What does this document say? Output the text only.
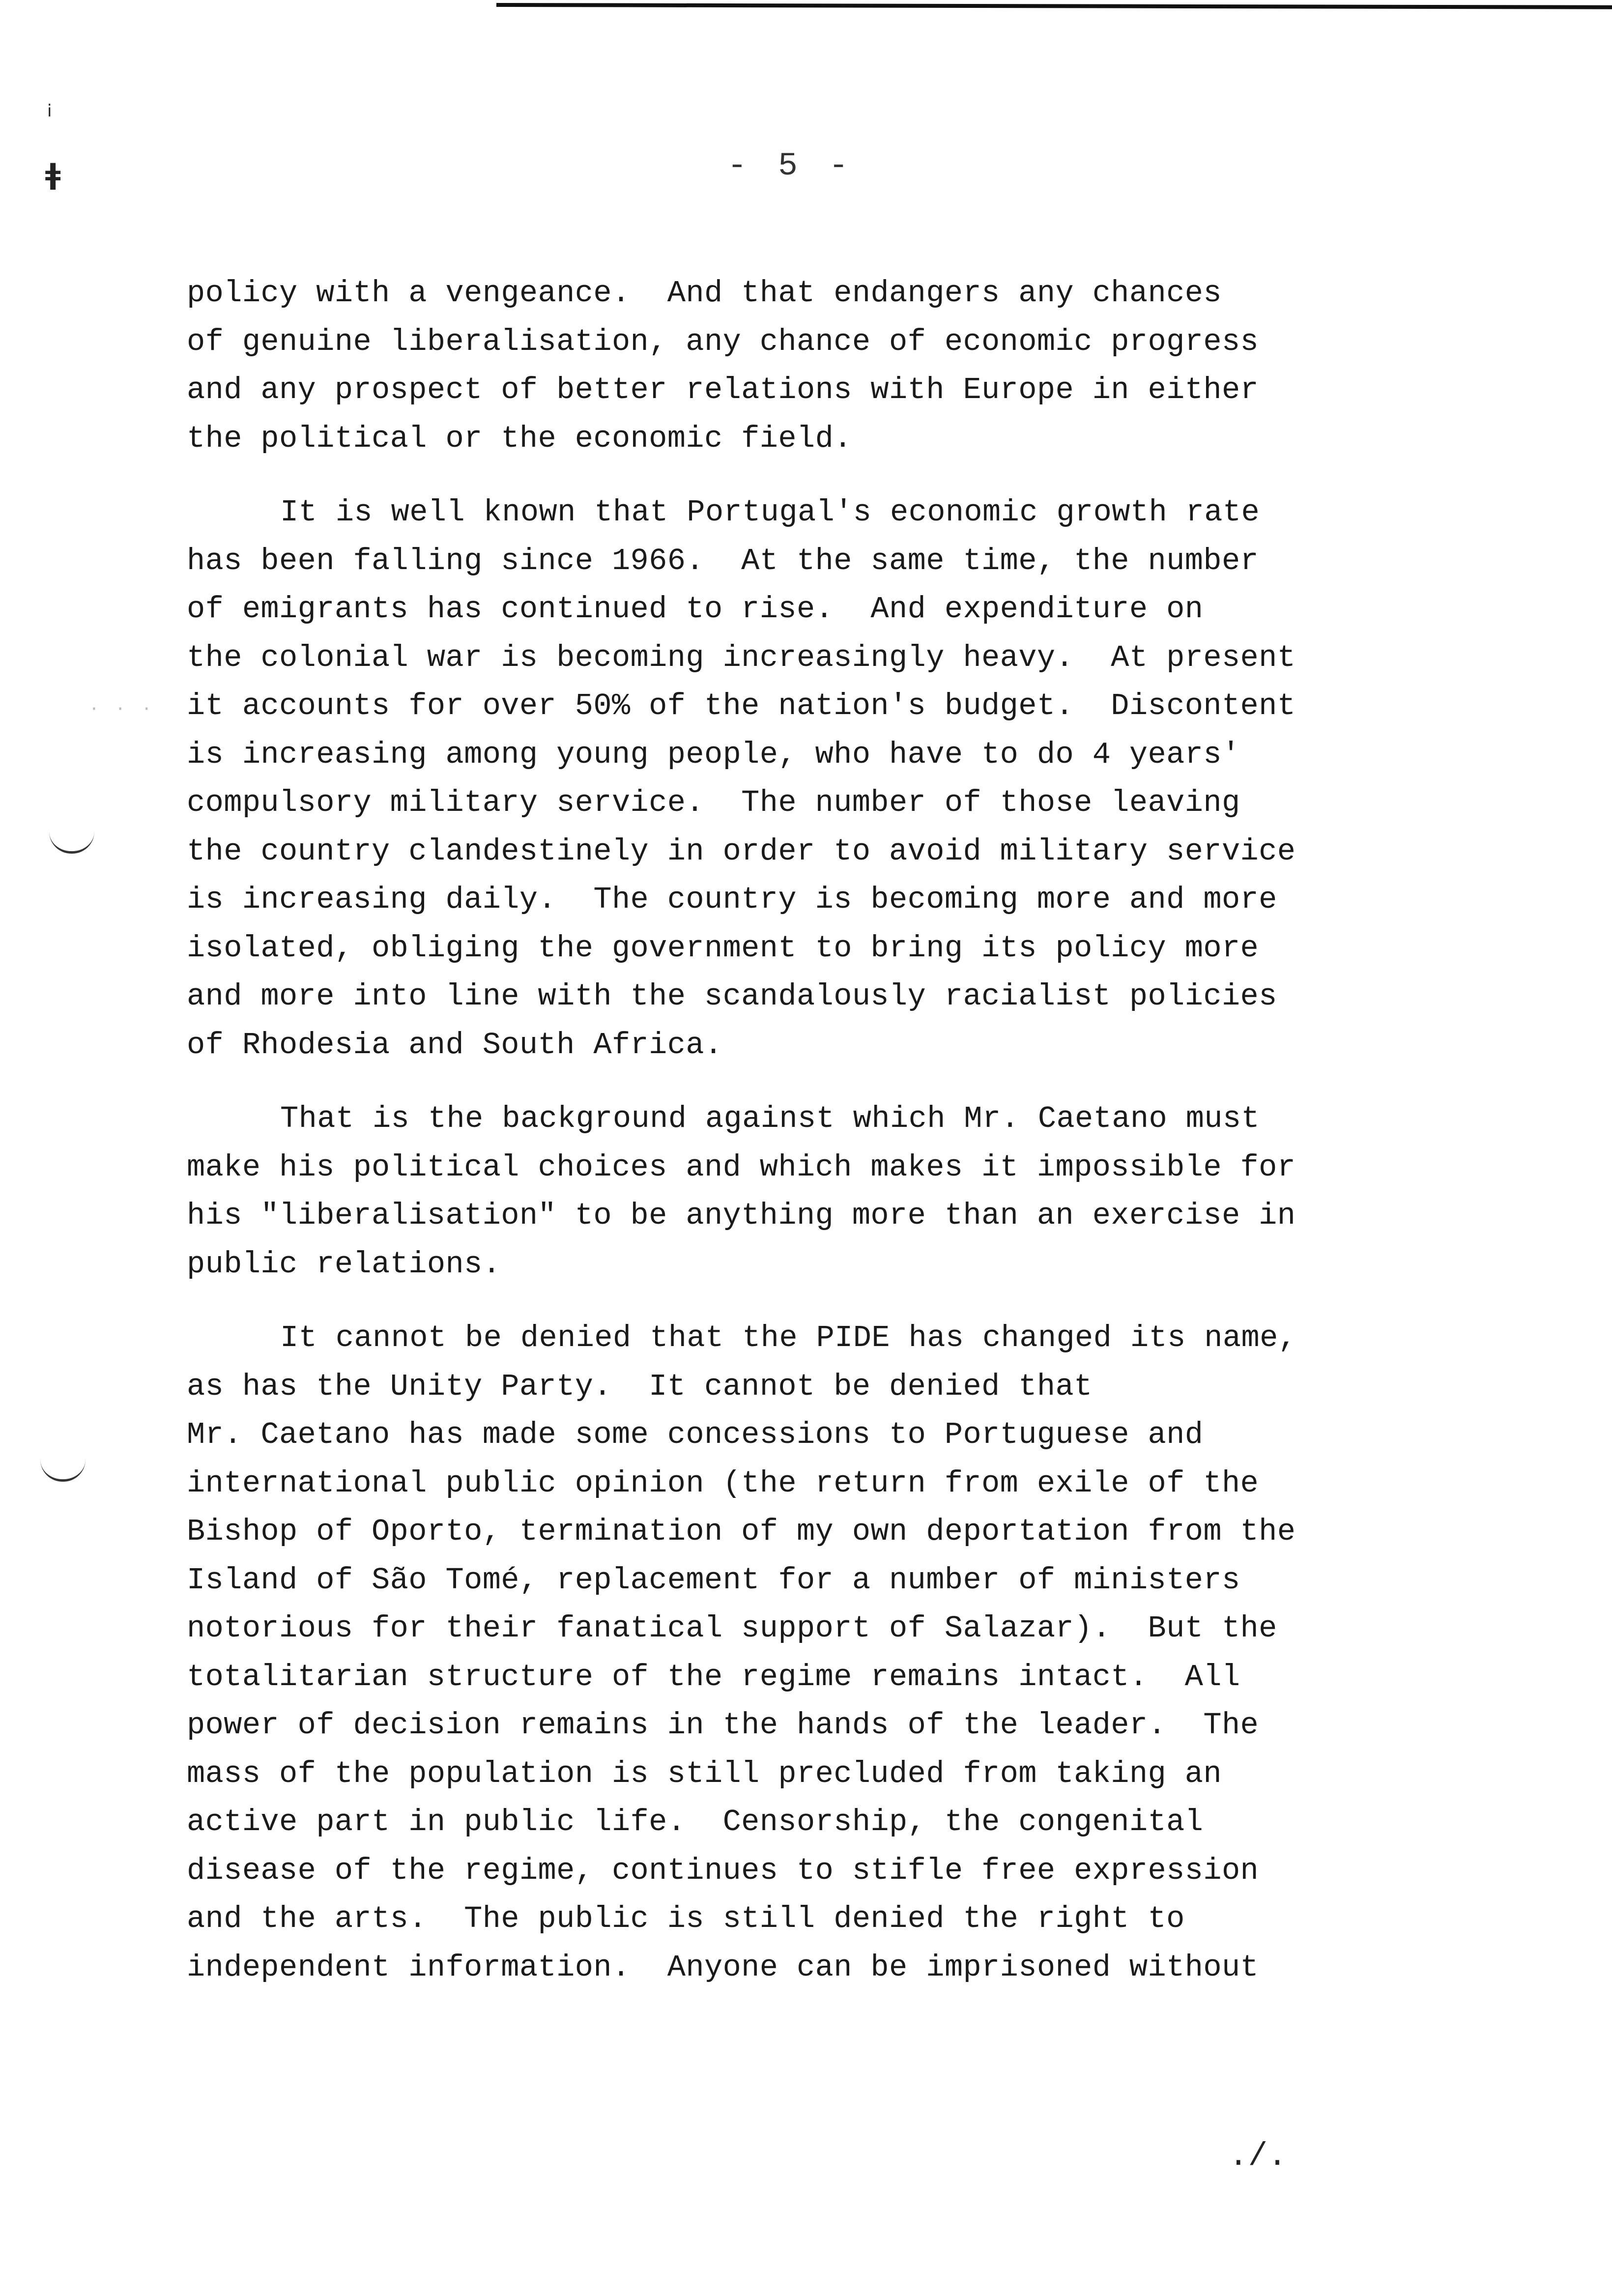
ⅰ
ǂ
· · ·
- 5 -
policy with a vengeance.  And that endangers any chances
of genuine liberalisation, any chance of economic progress
and any prospect of better relations with Europe in either
the political or the economic field.
It is well known that Portugal's economic growth rate
has been falling since 1966.  At the same time, the number
of emigrants has continued to rise.  And expenditure on
the colonial war is becoming increasingly heavy.  At present
it accounts for over 50% of the nation's budget.  Discontent
is increasing among young people, who have to do 4 years'
compulsory military service.  The number of those leaving
the country clandestinely in order to avoid military service
is increasing daily.  The country is becoming more and more
isolated, obliging the government to bring its policy more
and more into line with the scandalously racialist policies
of Rhodesia and South Africa.
That is the background against which Mr. Caetano must
make his political choices and which makes it impossible for
his "liberalisation" to be anything more than an exercise in
public relations.
It cannot be denied that the PIDE has changed its name,
as has the Unity Party.  It cannot be denied that
Mr. Caetano has made some concessions to Portuguese and
international public opinion (the return from exile of the
Bishop of Oporto, termination of my own deportation from the
Island of São Tomé, replacement for a number of ministers
notorious for their fanatical support of Salazar).  But the
totalitarian structure of the regime remains intact.  All
power of decision remains in the hands of the leader.  The
mass of the population is still precluded from taking an
active part in public life.  Censorship, the congenital
disease of the regime, continues to stifle free expression
and the arts.  The public is still denied the right to
independent information.  Anyone can be imprisoned without
./.
